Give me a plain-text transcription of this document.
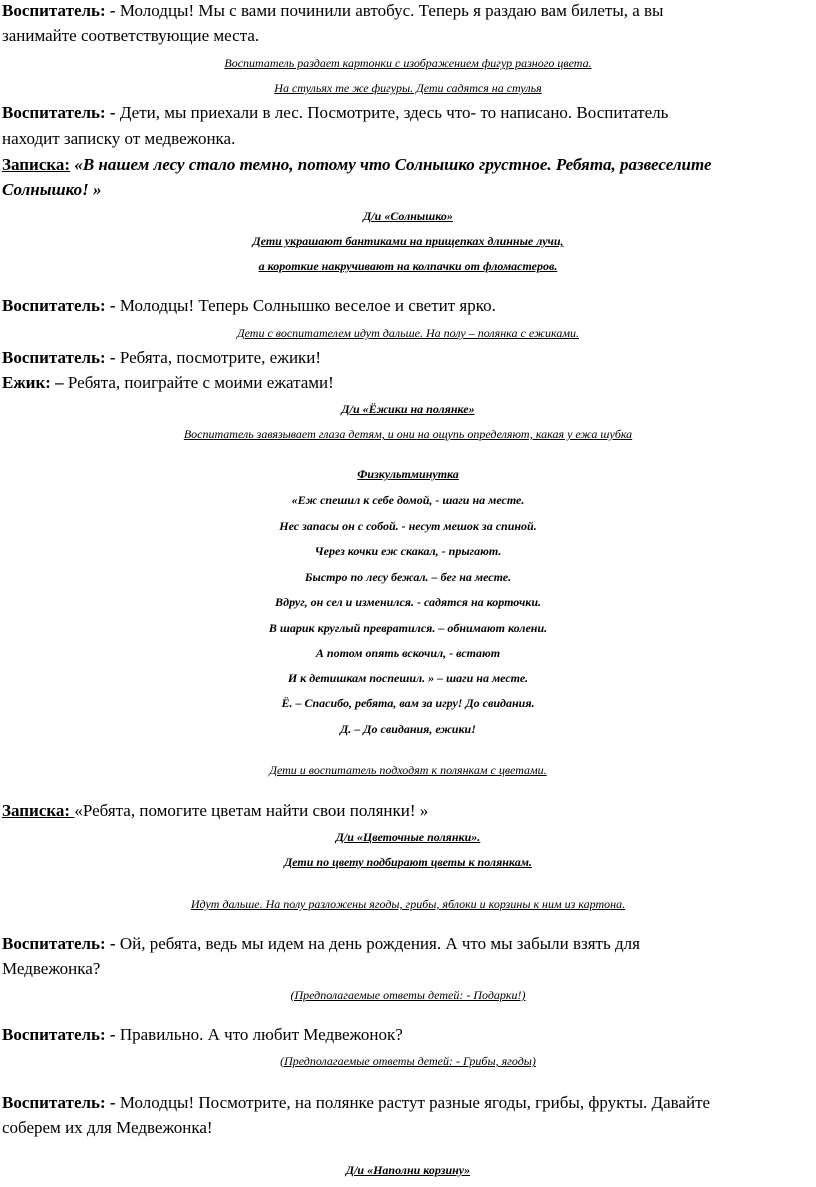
Воспитатель: - Молодцы! Мы с вами починили автобус. Теперь я раздаю вам билеты, а вы
занимайте соответствующие места.
Воспитатель раздает картонки с изображением фигур разного цвета.
На стульях те же фигуры. Дети садятся на стулья
Воспитатель: - Дети, мы приехали в лес. Посмотрите, здесь что- то написано. Воспитатель
находит записку от медвежонка.
Записка: «В нашем лесу стало темно, потому что Солнышко грустное. Ребята, развеселите
Солнышко! »
Д/и «Солнышко»
Дети украшают бантиками на прищепках длинные лучи,
а короткие накручивают на колпачки от фломастеров.
Воспитатель: - Молодцы! Теперь Солнышко веселое и светит ярко.
Дети с воспитателем идут дальше. На полу – полянка с ежиками.
Воспитатель: - Ребята, посмотрите, ежики!
Ежик: – Ребята, поиграйте с моими ежатами!
Д/и «Ёжики на полянке»
Воспитатель завязывает глаза детям, и они на ощупь определяют, какая у ежа шубка
Физкультминутка
«Еж спешил к себе домой, - шаги на месте.
Нес запасы он с собой. - несут мешок за спиной.
Через кочки еж скакал, - прыгают.
Быстро по лесу бежал. – бег на месте.
Вдруг, он сел и изменился. - садятся на корточки.
В шарик круглый превратился. – обнимают колени.
А потом опять вскочил, - встают
И к детишкам поспешил. » – шаги на месте.
Ё. – Спасибо, ребята, вам за игру! До свидания.
Д. – До свидания, ежики!
Дети и воспитатель подходят к полянкам с цветами.
Записка: «Ребята, помогите цветам найти свои полянки! »
Д/и «Цветочные полянки».
Дети по цвету подбирают цветы к полянкам.
Идут дальше. На полу разложены ягоды, грибы, яблоки и корзины к ним из картона.
Воспитатель: - Ой, ребята, ведь мы идем на день рождения. А что мы забыли взять для
Медвежонка?
(Предполагаемые ответы детей: - Подарки!)
Воспитатель: - Правильно. А что любит Медвежонок?
(Предполагаемые ответы детей: - Грибы, ягоды)
Воспитатель: - Молодцы! Посмотрите, на полянке растут разные ягоды, грибы, фрукты. Давайте
соберем их для Медвежонка!
Д/и «Наполни корзину»
